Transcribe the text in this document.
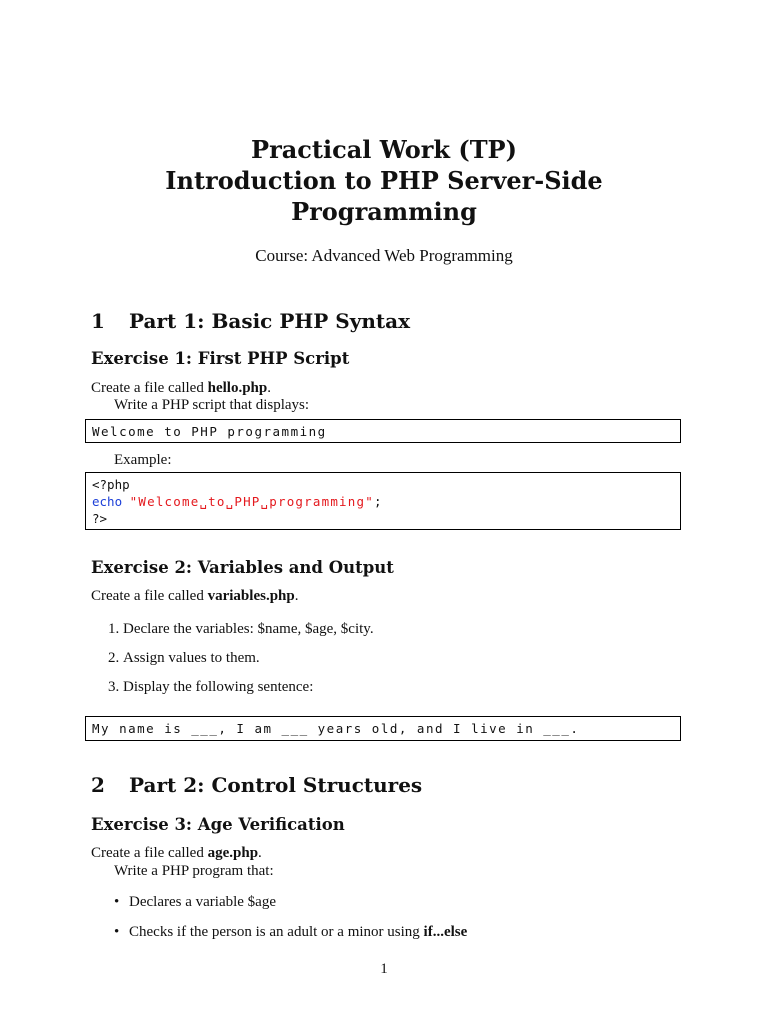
Practical Work (TP)
Introduction to PHP Server-Side
Programming
Course: Advanced Web Programming
1 Part 1: Basic PHP Syntax
Exercise 1: First PHP Script
Create a file called hello.php.
Write a PHP script that displays:
Welcome to PHP programming
Example:
<?php
echo "Welcome␣to␣PHP␣programming";
?>
Exercise 2: Variables and Output
Create a file called variables.php.
1. Declare the variables: $name, $age, $city.
2. Assign values to them.
3. Display the following sentence:
My name is ___, I am ___ years old, and I live in ___.
2 Part 2: Control Structures
Exercise 3: Age Verification
Create a file called age.php.
Write a PHP program that:
• Declares a variable $age
• Checks if the person is an adult or a minor using if...else
1
